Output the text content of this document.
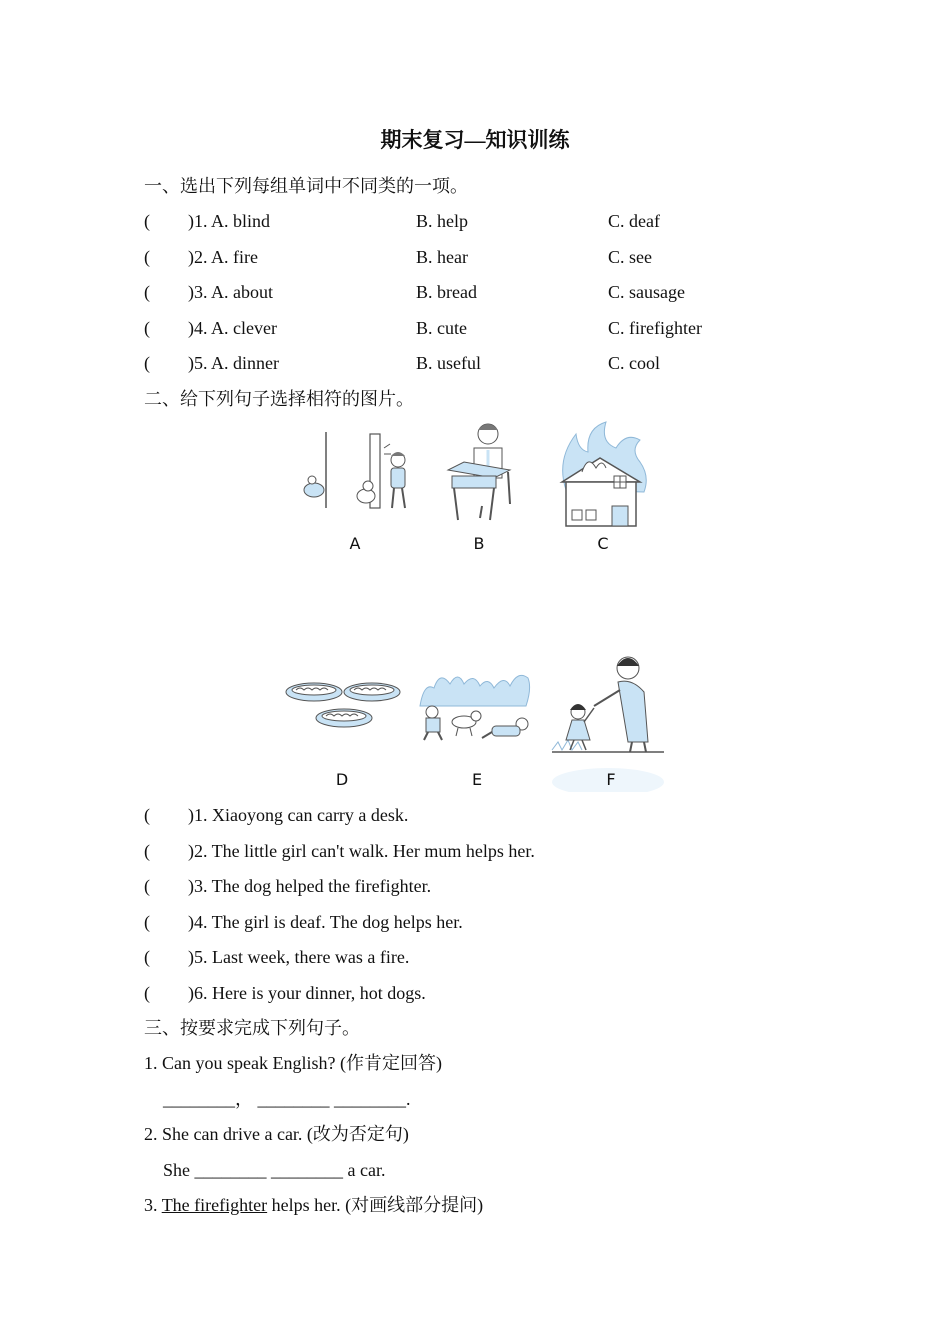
期末复习—知识训练
一、选出下列每组单词中不同类的一项。
( )1. A. blind	B. help	C. deaf
( )2. A. fire	B. hear	C. see
( )3. A. about	B. bread	C. sausage
( )4. A. clever	B. cute	C. firefighter
( )5. A. dinner	B. useful	C. cool
二、给下列句子选择相符的图片。
A	B	C
D	E	F
( )1. Xiaoyong can carry a desk.
( )2. The little girl can't walk. Her mum helps her.
( )3. The dog helped the firefighter.
( )4. The girl is deaf. The dog helps her.
( )5. Last week, there was a fire.
( )6. Here is your dinner, hot dogs.
三、按要求完成下列句子。
1. Can you speak English? (作肯定回答)
________， ________ ________.
2. She can drive a car. (改为否定句)
She ________ ________ a car.
3. The firefighter helps her. (对画线部分提问)
